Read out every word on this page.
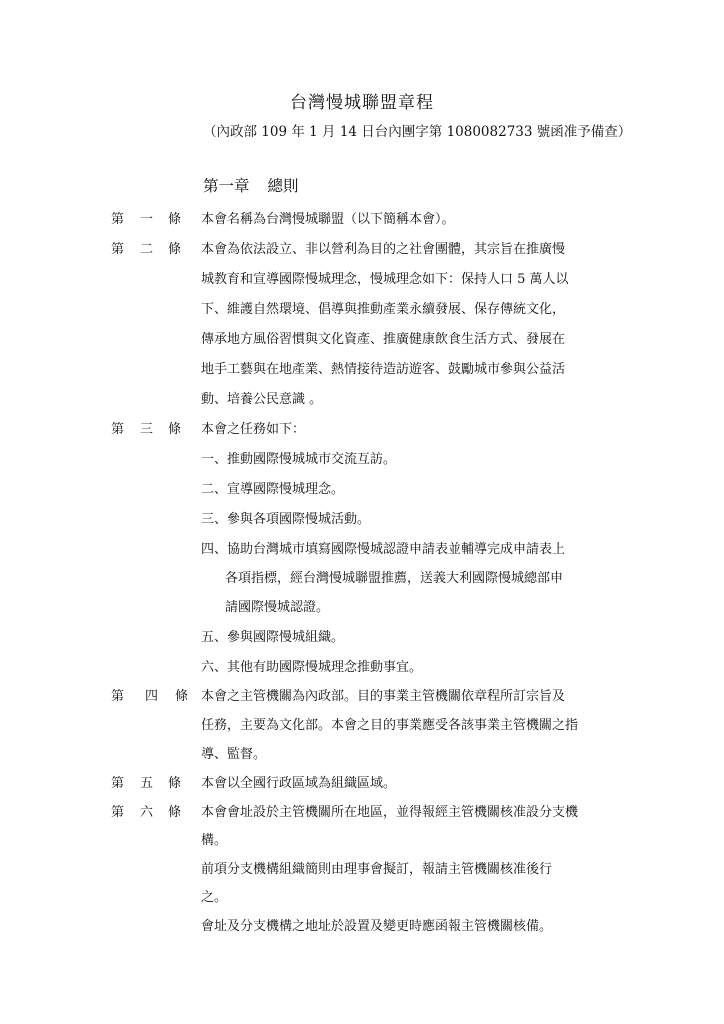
台灣慢城聯盟章程
（內政部 109 年 1 月 14 日台內團字第 1080082733 號函准予備查）
第一章 總則
第 一 條 本會名稱為台灣慢城聯盟（以下簡稱本會）。
第 二 條 本會為依法設立、非以營利為目的之社會團體，其宗旨在推廣慢
城教育和宣導國際慢城理念，慢城理念如下：保持人口 5 萬人以
下、維護自然環境、倡導與推動產業永續發展、保存傳統文化，
傳承地方風俗習慣與文化資產、推廣健康飲食生活方式、發展在
地手工藝與在地產業、熱情接待造訪遊客、鼓勵城市參與公益活
動、培養公民意識 。
第 三 條 本會之任務如下：
一、推動國際慢城城市交流互訪。
二、宣導國際慢城理念。
三、參與各項國際慢城活動。
四、協助台灣城市填寫國際慢城認證申請表並輔導完成申請表上
各項指標，經台灣慢城聯盟推薦，送義大利國際慢城總部申
請國際慢城認證。
五、參與國際慢城組織。
六、其他有助國際慢城理念推動事宜。
第 四 條 本會之主管機關為內政部。目的事業主管機關依章程所訂宗旨及
任務，主要為文化部。本會之目的事業應受各該事業主管機關之指
導、監督。
第 五 條 本會以全國行政區域為組織區域。
第 六 條 本會會址設於主管機關所在地區，並得報經主管機關核准設分支機
構。
前項分支機構組織簡則由理事會擬訂，報請主管機關核准後行
之。
會址及分支機構之地址於設置及變更時應函報主管機關核備。
